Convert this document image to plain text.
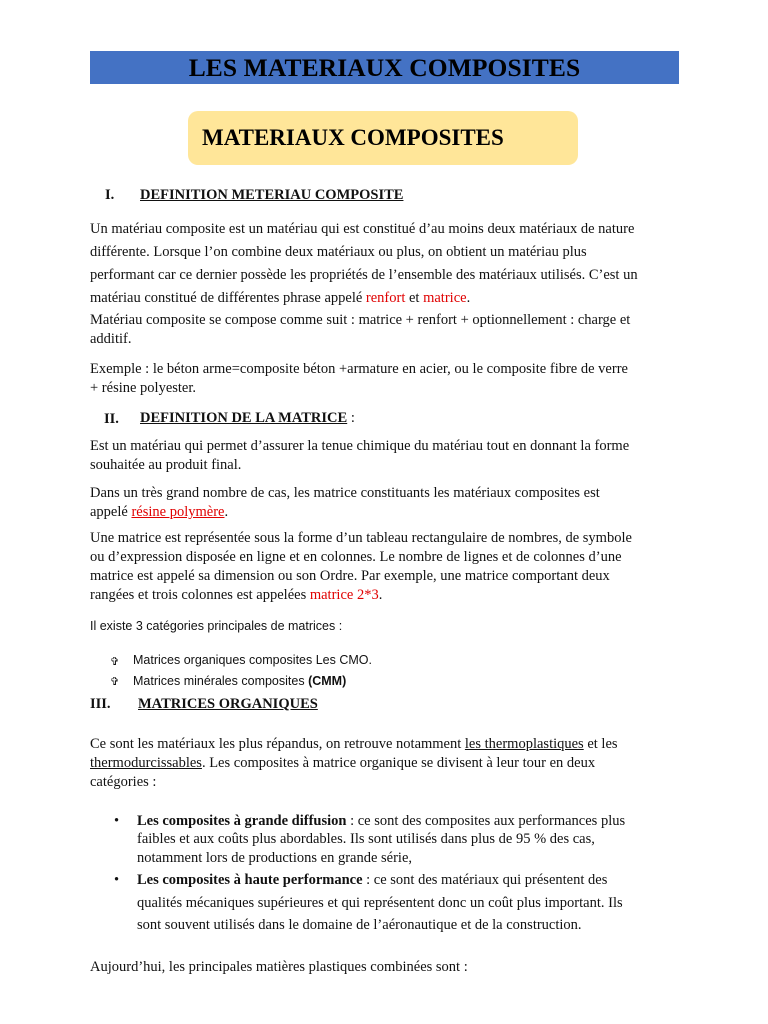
LES MATERIAUX COMPOSITES
MATERIAUX COMPOSITES
I. DEFINITION METERIAU COMPOSITE
Un matériau composite est un matériau qui est constitué d’au moins deux matériaux de nature
différente. Lorsque l’on combine deux matériaux ou plus, on obtient un matériau plus
performant car ce dernier possède les propriétés de l’ensemble des matériaux utilisés. C’est un
matériau constitué de différentes phrase appelé renfort et matrice.
Matériau composite se compose comme suit : matrice + renfort + optionnellement : charge et
additif.
Exemple : le béton arme=composite béton +armature en acier, ou le composite fibre de verre
+ résine polyester.
II. DEFINITION DE LA MATRICE :
Est un matériau qui permet d’assurer la tenue chimique du matériau tout en donnant la forme
souhaitée au produit final.
Dans un très grand nombre de cas, les matrice constituants les matériaux composites est
appelé résine polymère.
Une matrice est représentée sous la forme d’un tableau rectangulaire de nombres, de symbole
ou d’expression disposée en ligne et en colonnes. Le nombre de lignes et de colonnes d’une
matrice est appelé sa dimension ou son Ordre. Par exemple, une matrice comportant deux
rangées et trois colonnes est appelées matrice 2*3.
Il existe 3 catégories principales de matrices :
✞ Matrices organiques composites Les CMO.
✞ Matrices minérales composites (CMM)
III. MATRICES ORGANIQUES
Ce sont les matériaux les plus répandus, on retrouve notamment les thermoplastiques et les
thermodurcissables. Les composites à matrice organique se divisent à leur tour en deux
catégories :
• Les composites à grande diffusion : ce sont des composites aux performances plus
faibles et aux coûts plus abordables. Ils sont utilisés dans plus de 95 % des cas,
notamment lors de productions en grande série,
• Les composites à haute performance : ce sont des matériaux qui présentent des
qualités mécaniques supérieures et qui représentent donc un coût plus important. Ils
sont souvent utilisés dans le domaine de l’aéronautique et de la construction.
Aujourd’hui, les principales matières plastiques combinées sont :
